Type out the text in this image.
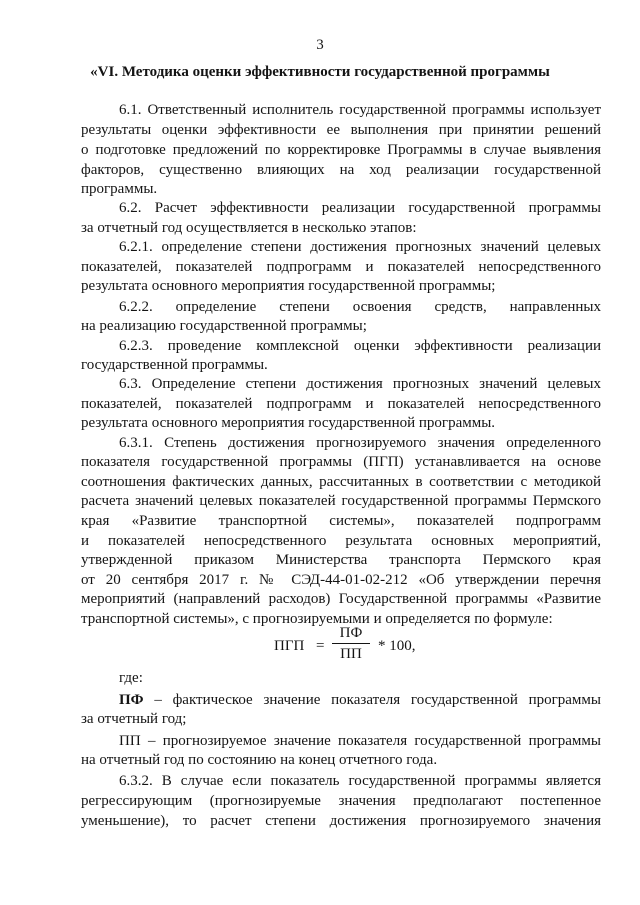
3
«VI. Методика оценки эффективности государственной программы
6.1. Ответственный исполнитель государственной программы использует
результаты оценки эффективности ее выполнения при принятии решений
о подготовке предложений по корректировке Программы в случае выявления
факторов, существенно влияющих на ход реализации государственной
программы.
6.2. Расчет эффективности реализации государственной программы
за отчетный год осуществляется в несколько этапов:
6.2.1. определение степени достижения прогнозных значений целевых
показателей, показателей подпрограмм и показателей непосредственного
результата основного мероприятия государственной программы;
6.2.2. определение степени освоения средств, направленных
на реализацию государственной программы;
6.2.3. проведение комплексной оценки эффективности реализации
государственной программы.
6.3. Определение степени достижения прогнозных значений целевых
показателей, показателей подпрограмм и показателей непосредственного
результата основного мероприятия государственной программы.
6.3.1. Степень достижения прогнозируемого значения определенного
показателя государственной программы (ПГП) устанавливается на основе
соотношения фактических данных, рассчитанных в соответствии с методикой
расчета значений целевых показателей государственной программы Пермского
края «Развитие транспортной системы», показателей подпрограмм
и показателей непосредственного результата основных мероприятий,
утвержденной приказом Министерства транспорта Пермского края
от 20 сентября 2017 г. № СЭД-44-01-02-212 «Об утверждении перечня
мероприятий (направлений расходов) Государственной программы «Развитие
транспортной системы», с прогнозируемыми и определяется по формуле:
ПГП =
ПФ
ПП	* 100,
где:
ПФ – фактическое значение показателя государственной программы
за отчетный год;
ПП – прогнозируемое значение показателя государственной программы
на отчетный год по состоянию на конец отчетного года.
6.3.2. В случае если показатель государственной программы является
регрессирующим (прогнозируемые значения предполагают постепенное
уменьшение), то расчет степени достижения прогнозируемого значения
